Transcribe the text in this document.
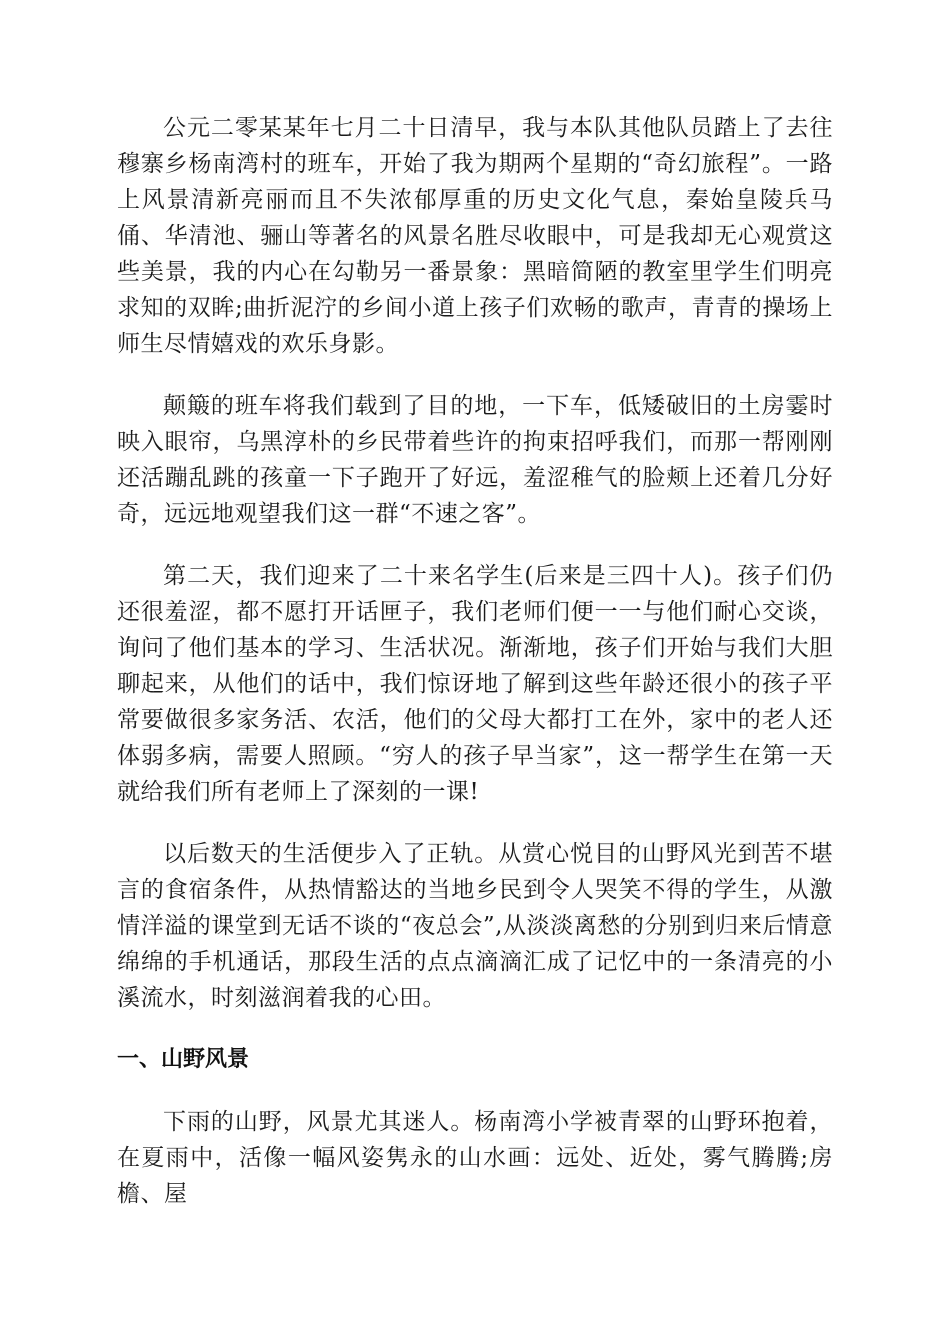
公元二零某某年七月二十日清早，我与本队其他队员踏上了去往穆寨乡杨南湾村的班车，开始了我为期两个星期的“奇幻旅程”。一路上风景清新亮丽而且不失浓郁厚重的历史文化气息，秦始皇陵兵马俑、华清池、骊山等著名的风景名胜尽收眼中，可是我却无心观赏这些美景，我的内心在勾勒另一番景象：黑暗简陋的教室里学生们明亮求知的双眸;曲折泥泞的乡间小道上孩子们欢畅的歌声，青青的操场上师生尽情嬉戏的欢乐身影。

颠簸的班车将我们载到了目的地，一下车，低矮破旧的土房霎时映入眼帘，乌黑淳朴的乡民带着些许的拘束招呼我们，而那一帮刚刚还活蹦乱跳的孩童一下子跑开了好远，羞涩稚气的脸颊上还着几分好奇，远远地观望我们这一群“不速之客”。

第二天，我们迎来了二十来名学生(后来是三四十人)。孩子们仍还很羞涩，都不愿打开话匣子，我们老师们便一一与他们耐心交谈，询问了他们基本的学习、生活状况。渐渐地，孩子们开始与我们大胆聊起来，从他们的话中，我们惊讶地了解到这些年龄还很小的孩子平常要做很多家务活、农活，他们的父母大都打工在外，家中的老人还体弱多病，需要人照顾。“穷人的孩子早当家”，这一帮学生在第一天就给我们所有老师上了深刻的一课!

以后数天的生活便步入了正轨。从赏心悦目的山野风光到苦不堪言的食宿条件，从热情豁达的当地乡民到令人哭笑不得的学生，从激情洋溢的课堂到无话不谈的“夜总会”,从淡淡离愁的分别到归来后情意绵绵的手机通话，那段生活的点点滴滴汇成了记忆中的一条清亮的小溪流水，时刻滋润着我的心田。

一、山野风景

下雨的山野，风景尤其迷人。杨南湾小学被青翠的山野环抱着，在夏雨中，活像一幅风姿隽永的山水画：远处、近处，雾气腾腾;房檐、屋
